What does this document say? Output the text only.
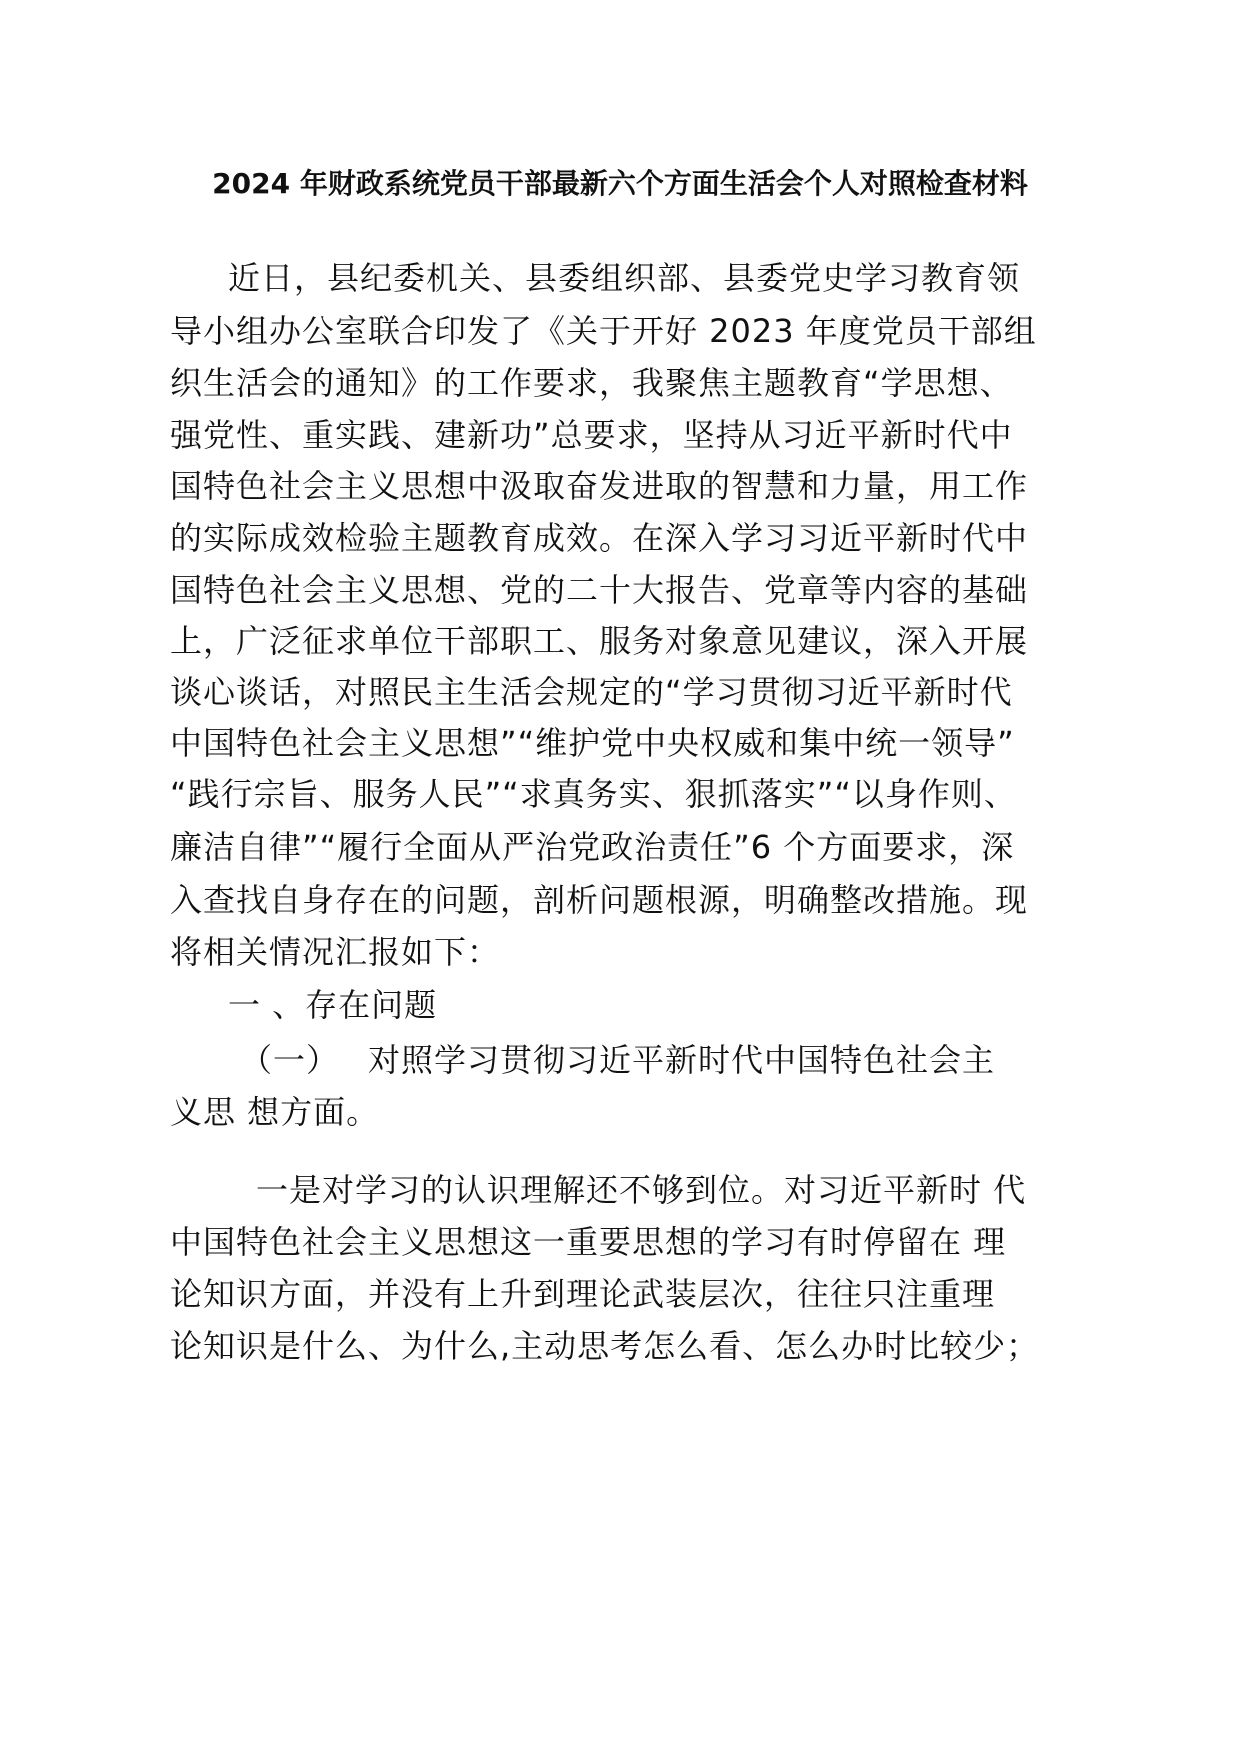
2024 年财政系统党员干部最新六个方面生活会个人对照检查材料
近日，县纪委机关、县委组织部、县委党史学习教育领
导小组办公室联合印发了《关于开好 2023 年度党员干部组
织生活会的通知》的工作要求，我聚焦主题教育“学思想、
强党性、重实践、建新功”总要求，坚持从习近平新时代中
国特色社会主义思想中汲取奋发进取的智慧和力量，用工作
的实际成效检验主题教育成效。在深入学习习近平新时代中
国特色社会主义思想、党的二十大报告、党章等内容的基础
上，广泛征求单位干部职工、服务对象意见建议，深入开展
谈心谈话，对照民主生活会规定的“学习贯彻习近平新时代
中国特色社会主义思想”“维护党中央权威和集中统一领导”
“践行宗旨、服务人民”“求真务实、狠抓落实”“以身作则、
廉洁自律”“履行全面从严治党政治责任”6 个方面要求，深
入查找自身存在的问题，剖析问题根源，明确整改措施。现
将相关情况汇报如下：
一 、存在问题
（一） 对照学习贯彻习近平新时代中国特色社会主
义思 想方面。
一是对学习的认识理解还不够到位。对习近平新时 代
中国特色社会主义思想这一重要思想的学习有时停留在 理
论知识方面，并没有上升到理论武装层次，往往只注重理
论知识是什么、为什么,主动思考怎么看、怎么办时比较少；
